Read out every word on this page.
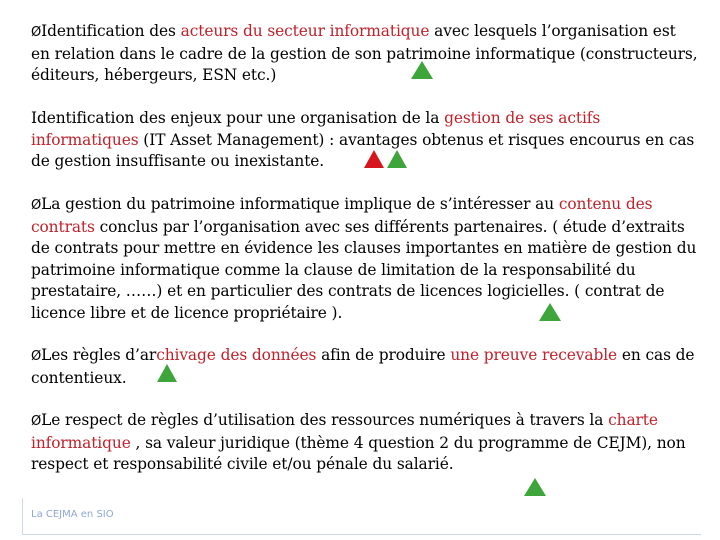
ØIdentification des acteurs du secteur informatique avec lesquels l’organisation est en relation dans le cadre de la gestion de son patrimoine informatique (constructeurs, éditeurs, hébergeurs, ESN etc.)

Identification des enjeux pour une organisation de la gestion de ses actifs informatiques (IT Asset Management) : avantages obtenus et risques encourus en cas de gestion insuffisante ou inexistante.

ØLa gestion du patrimoine informatique implique de s’intéresser au contenu des contrats conclus par l’organisation avec ses différents partenaires. ( étude d’extraits de contrats pour mettre en évidence les clauses importantes en matière de gestion du patrimoine informatique comme la clause de limitation de la responsabilité du prestataire, ……) et en particulier des contrats de licences logicielles. ( contrat de licence libre et de licence propriétaire ).

ØLes règles d’archivage des données afin de produire une preuve recevable en cas de contentieux.

ØLe respect de règles d’utilisation des ressources numériques à travers la charte informatique , sa valeur juridique (thème 4 question 2 du programme de CEJM), non respect et responsabilité civile et/ou pénale du salarié.

La CEJMA en SIO
